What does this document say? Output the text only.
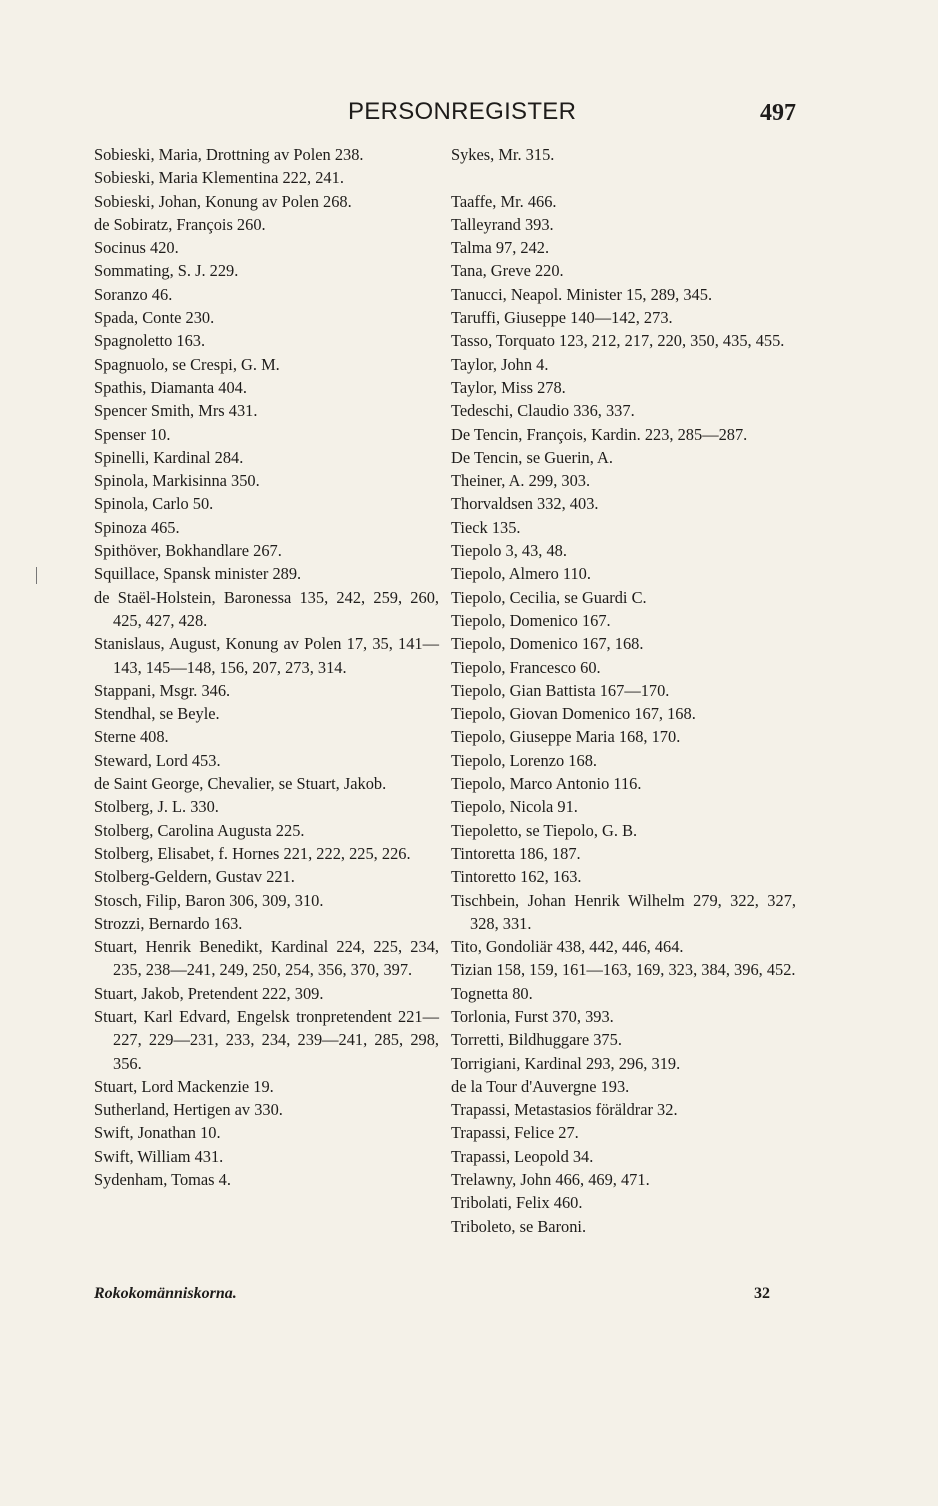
PERSONREGISTER	497

Sobieski, Maria, Drottning av Polen 238.

Sobieski, Maria Klementina 222, 241.

Sobieski, Johan, Konung av Polen 268.

de Sobiratz, François 260.

Socinus 420.

Sommating, S. J. 229.

Soranzo 46.

Spada, Conte 230.

Spagnoletto 163.

Spagnuolo, se Crespi, G. M.

Spathis, Diamanta 404.

Spencer Smith, Mrs 431.

Spenser 10.

Spinelli, Kardinal 284.

Spinola, Markisinna 350.

Spinola, Carlo 50.

Spinoza 465.

Spithöver, Bokhandlare 267.

Squillace, Spansk minister 289.

de Staël-Holstein, Baronessa 135, 242, 259, 260, 425, 427, 428.

Stanislaus, August, Konung av Polen 17, 35, 141—143, 145—148, 156, 207, 273, 314.

Stappani, Msgr. 346.

Stendhal, se Beyle.

Sterne 408.

Steward, Lord 453.

de Saint George, Chevalier, se Stuart, Jakob.

Stolberg, J. L. 330.

Stolberg, Carolina Augusta 225.

Stolberg, Elisabet, f. Hornes 221, 222, 225, 226.

Stolberg-Geldern, Gustav 221.

Stosch, Filip, Baron 306, 309, 310.

Strozzi, Bernardo 163.

Stuart, Henrik Benedikt, Kardinal 224, 225, 234, 235, 238—241, 249, 250, 254, 356, 370, 397.

Stuart, Jakob, Pretendent 222, 309.

Stuart, Karl Edvard, Engelsk tronpretendent 221—227, 229—231, 233, 234, 239—241, 285, 298, 356.

Stuart, Lord Mackenzie 19.

Sutherland, Hertigen av 330.

Swift, Jonathan 10.

Swift, William 431.

Sydenham, Tomas 4.

Sykes, Mr. 315.

Taaffe, Mr. 466.

Talleyrand 393.

Talma 97, 242.

Tana, Greve 220.

Tanucci, Neapol. Minister 15, 289, 345.

Taruffi, Giuseppe 140—142, 273.

Tasso, Torquato 123, 212, 217, 220, 350, 435, 455.

Taylor, John 4.

Taylor, Miss 278.

Tedeschi, Claudio 336, 337.

De Tencin, François, Kardin. 223, 285—287.

De Tencin, se Guerin, A.

Theiner, A. 299, 303.

Thorvaldsen 332, 403.

Tieck 135.

Tiepolo 3, 43, 48.

Tiepolo, Almero 110.

Tiepolo, Cecilia, se Guardi C.

Tiepolo, Domenico 167.

Tiepolo, Domenico 167, 168.

Tiepolo, Francesco 60.

Tiepolo, Gian Battista 167—170.

Tiepolo, Giovan Domenico 167, 168.

Tiepolo, Giuseppe Maria 168, 170.

Tiepolo, Lorenzo 168.

Tiepolo, Marco Antonio 116.

Tiepolo, Nicola 91.

Tiepoletto, se Tiepolo, G. B.

Tintoretta 186, 187.

Tintoretto 162, 163.

Tischbein, Johan Henrik Wilhelm 279, 322, 327, 328, 331.

Tito, Gondoliär 438, 442, 446, 464.

Tizian 158, 159, 161—163, 169, 323, 384, 396, 452.

Tognetta 80.

Torlonia, Furst 370, 393.

Torretti, Bildhuggare 375.

Torrigiani, Kardinal 293, 296, 319.

de la Tour d'Auvergne 193.

Trapassi, Metastasios föräldrar 32.

Trapassi, Felice 27.

Trapassi, Leopold 34.

Trelawny, John 466, 469, 471.

Tribolati, Felix 460.

Triboleto, se Baroni.

Rokokomänniskorna.	32
